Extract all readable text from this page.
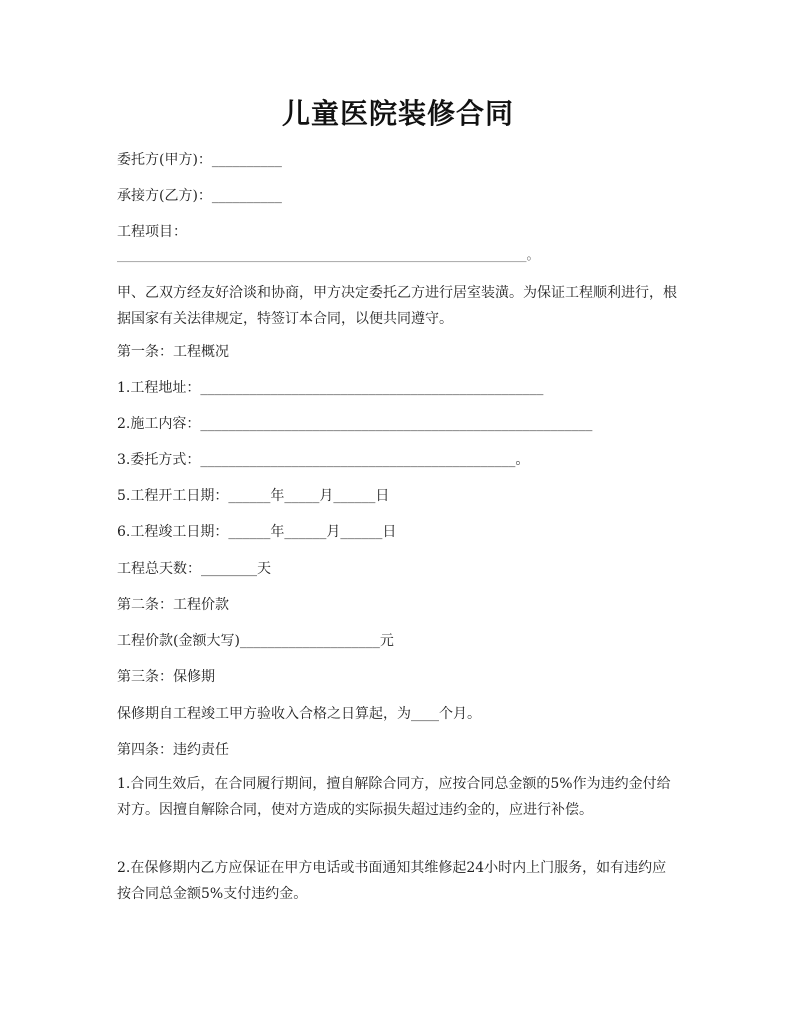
儿童医院装修合同
委托方(甲方)：__________
承接方(乙方)：__________
工程项目：
_______________________________________________________________。
甲、乙双方经友好洽谈和协商，甲方决定委托乙方进行居室装潢。为保证工程顺利进行，根据国家有关法律规定，特签订本合同，以便共同遵守。
第一条：工程概况
1.工程地址：_________________________________________________
2.施工内容：________________________________________________________
3.委托方式：_____________________________________________。
5.工程开工日期：______年_____月______日
6.工程竣工日期：______年______月______日
工程总天数：________天
第二条：工程价款
工程价款(金额大写)____________________元
第三条：保修期
保修期自工程竣工甲方验收入合格之日算起，为____个月。
第四条：违约责任
1.合同生效后，在合同履行期间，擅自解除合同方，应按合同总金额的5%作为违约金付给对方。因擅自解除合同，使对方造成的实际损失超过违约金的，应进行补偿。
2.在保修期内乙方应保证在甲方电话或书面通知其维修起24小时内上门服务，如有违约应按合同总金额5%支付违约金。
